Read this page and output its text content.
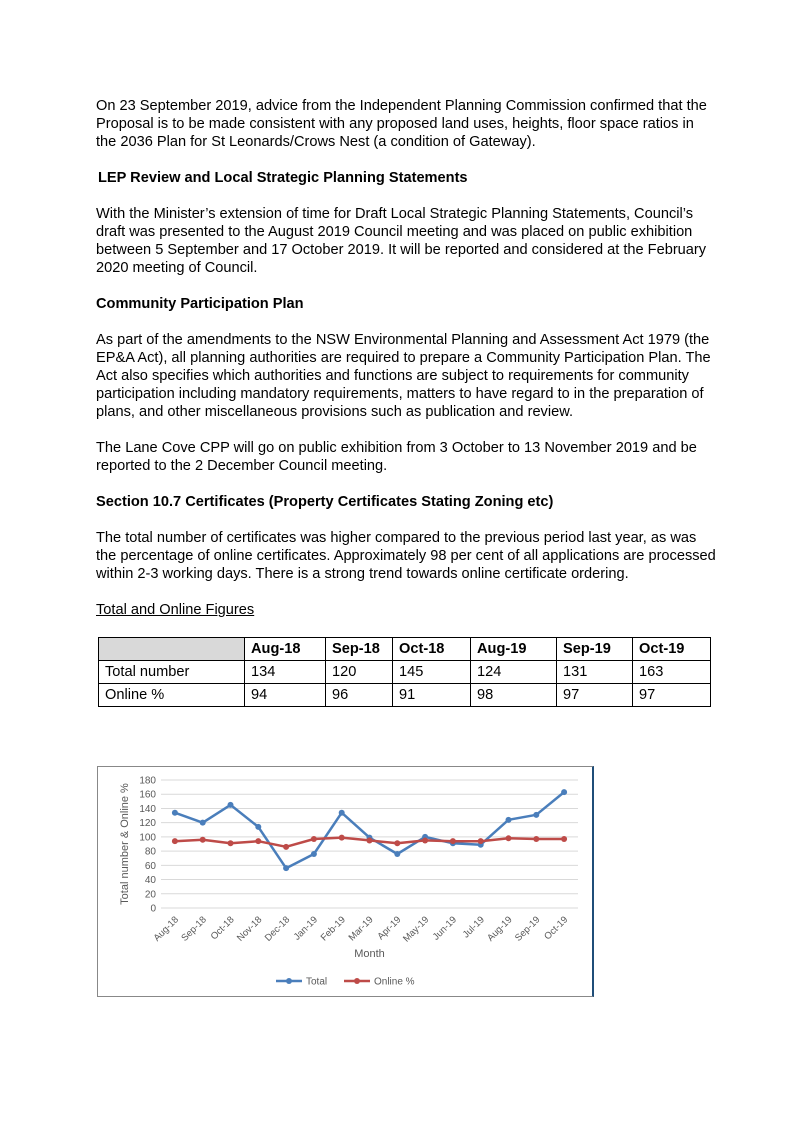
On 23 September 2019, advice from the Independent Planning Commission confirmed that the Proposal is to be made consistent with any proposed land uses, heights, floor space ratios in the 2036 Plan for St Leonards/Crows Nest (a condition of Gateway).

LEP Review and Local Strategic Planning Statements

With the Minister’s extension of time for Draft Local Strategic Planning Statements, Council’s draft was presented to the August 2019 Council meeting and was placed on public exhibition between 5 September and 17 October 2019. It will be reported and considered at the February 2020 meeting of Council.

Community Participation Plan

As part of the amendments to the NSW Environmental Planning and Assessment Act 1979 (the EP&A Act), all planning authorities are required to prepare a Community Participation Plan. The Act also specifies which authorities and functions are subject to requirements for community participation including mandatory requirements, matters to have regard to in the preparation of plans, and other miscellaneous provisions such as publication and review.

The Lane Cove CPP will go on public exhibition from 3 October to 13 November 2019 and be reported to the 2 December Council meeting.

Section 10.7 Certificates (Property Certificates Stating Zoning etc)

The total number of certificates was higher compared to the previous period last year, as was the percentage of online certificates. Approximately 98 per cent of all applications are processed within 2-3 working days. There is a strong trend towards online certificate ordering.

Total and Online Figures

	Aug-18	Sep-18	Oct-18	Aug-19	Sep-19	Oct-19
Total number	134	120	145	124	131	163
Online %	94	96	91	98	97	97
0
20
40
60
80
100
120
140
160
180
Aug-18
Sep-18 Oct-18
Nov-18
Dec-18 Jan-19
Feb-19
Mar-19 Apr-19
May-19 Jun-19 Jul-19
Aug-19
Sep-19 Oct-19
Total number & Online %
Month
Total	Online %
